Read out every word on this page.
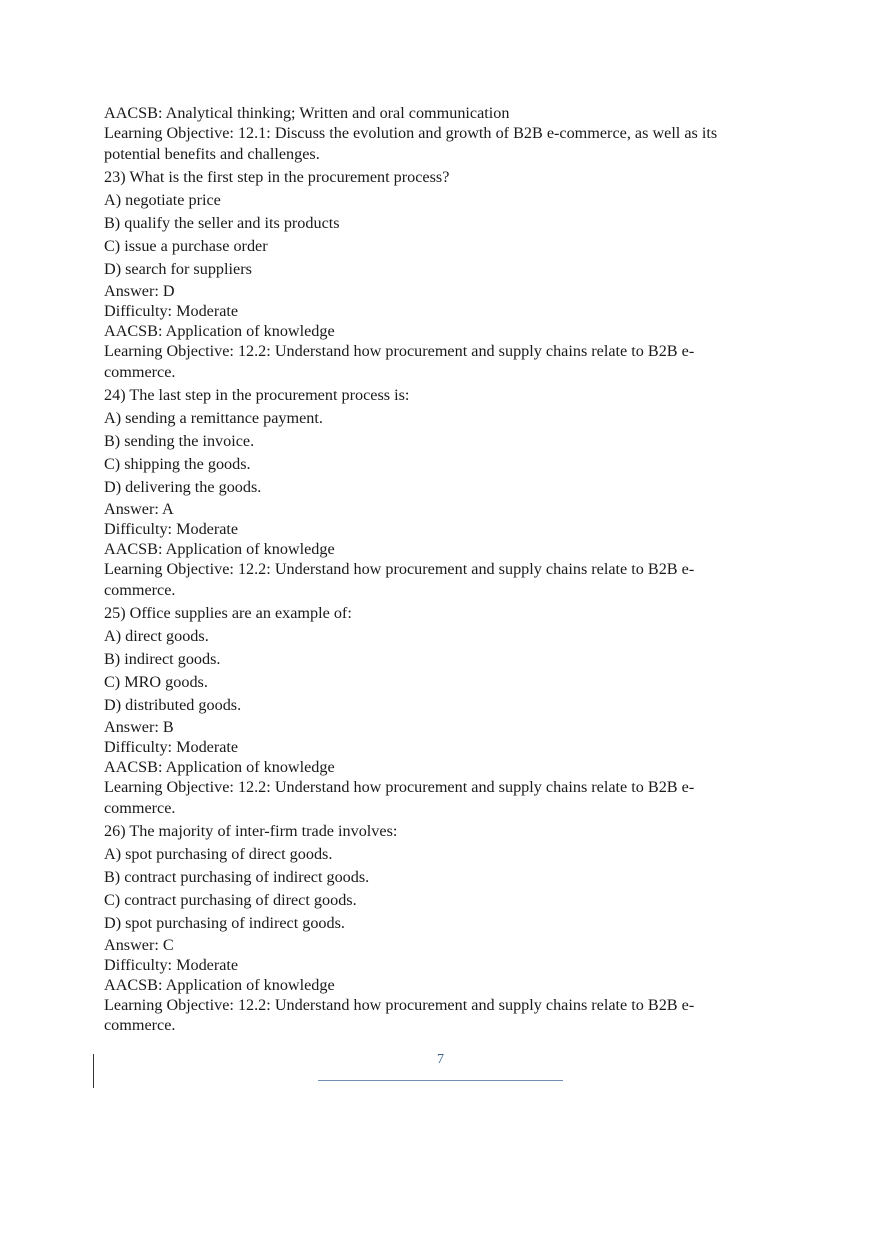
AACSB: Analytical thinking; Written and oral communication
Learning Objective: 12.1: Discuss the evolution and growth of B2B e-commerce, as well as its
potential benefits and challenges.
23) What is the first step in the procurement process?
A) negotiate price
B) qualify the seller and its products
C) issue a purchase order
D) search for suppliers
Answer: D
Difficulty: Moderate
AACSB: Application of knowledge
Learning Objective: 12.2: Understand how procurement and supply chains relate to B2B e-
commerce.
24) The last step in the procurement process is:
A) sending a remittance payment.
B) sending the invoice.
C) shipping the goods.
D) delivering the goods.
Answer: A
Difficulty: Moderate
AACSB: Application of knowledge
Learning Objective: 12.2: Understand how procurement and supply chains relate to B2B e-
commerce.
25) Office supplies are an example of:
A) direct goods.
B) indirect goods.
C) MRO goods.
D) distributed goods.
Answer: B
Difficulty: Moderate
AACSB: Application of knowledge
Learning Objective: 12.2: Understand how procurement and supply chains relate to B2B e-
commerce.
26) The majority of inter-firm trade involves:
A) spot purchasing of direct goods.
B) contract purchasing of indirect goods.
C) contract purchasing of direct goods.
D) spot purchasing of indirect goods.
Answer: C
Difficulty: Moderate
AACSB: Application of knowledge
Learning Objective: 12.2: Understand how procurement and supply chains relate to B2B e-
commerce.
7
